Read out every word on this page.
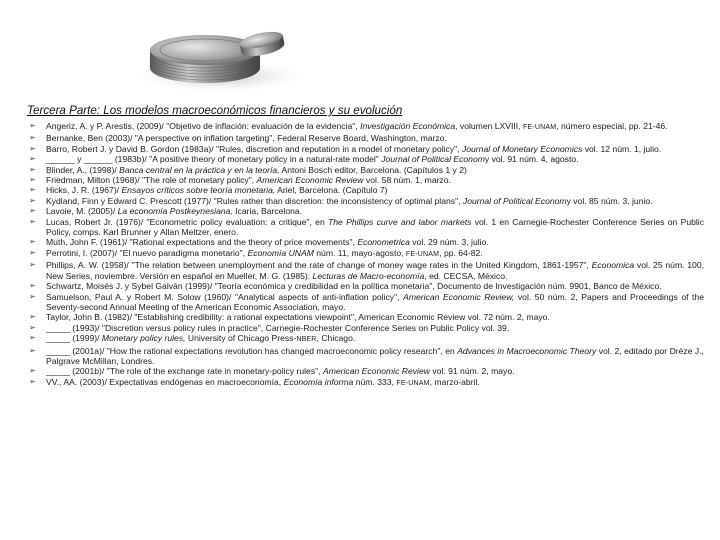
Tercera Parte: Los modelos macroeconómicos financieros y su evolución
➢	Angeriz, A. y P. Arestis, (2009)/ "Objetivo de inflación: evaluación de la evidencia", Investigación Económica, volumen LXVIII, FE-UNAM, número especial, pp. 21-46.
➢	Bernanke, Ben (2003)/ "A perspective on inflation targeting", Federal Reserve Board, Washington, marzo.
➢	Barro, Robert J. y David B. Gordon (1983a)/ "Rules, discretion and reputation in a model of monetary policy", Journal of Monetary Economics vol. 12 núm. 1, julio.
➢	______ y ______ (1983b)/ "A positive theory of monetary policy in a natural-rate model" Journal of Political Economy vol. 91 núm. 4, agosto.
➢	Blinder, A., (1998)/ Banca central en la práctica y en la teoría, Antoni Bosch editor, Barcelona. (Capítulos 1 y 2)
➢	Friedman, Milton (1968)/ "The role of monetary policy", American Economic Review vol. 58 núm. 1, marzo.
➢	Hicks, J. R. (1967)/ Ensayos críticos sobre teoría monetaria, Ariel, Barcelona. (Capítulo 7)
➢	Kydland, Finn y Edward C. Prescott (1977)/ "Rules rather than discretion: the inconsistency of optimal plans", Journal of Political Economy vol. 85 núm. 3, junio.
➢	Lavoie, M. (2005)/ La economía Postkeynesiana, Icaria, Barcelona.
➢	Lucas, Robert Jr. (1976)/ "Econometric policy evaluation: a critique", en The Phillips curve and labor markets vol. 1 en Carnegie-Rochester Conference Series on Public Policy, comps. Karl Brunner y Allan Meltzer, enero.
➢	Muth, John F. (1961)/ "Rational expectations and the theory of price movements", Econometrica vol. 29 núm. 3, julio.
➢	Perrotini, I. (2007)/ "El nuevo paradigma monetario", Economía UNAM núm. 11, mayo-agosto, FE-UNAM, pp. 64-82.
➢	Phillips, A. W. (1958)/ "The relation between unemployment and the rate of change of money wage rates in the United Kingdom, 1861-1957", Economica vol. 25 núm. 100, New Series, noviembre. Versión en español en Mueller, M. G. (1985): Lecturas de Macro-economía, ed. CECSA, México.
➢	Schwartz, Moisés J. y Sybel Galván (1999)/ "Teoría económica y credibilidad en la política monetaria", Documento de Investigación núm. 9901, Banco de México.
➢	Samuelson, Paul A. y Robert M. Solow (1960)/ "Analytical aspects of anti-inflation policy", American Economic Review, vol. 50 núm. 2, Papers and Proceedings of the Seventy-second Annual Meeting of the American Economic Association, mayo.
➢	Taylor, John B. (1982)/ "Establishing credibility: a rational expectations viewpoint", American Economic Review vol. 72 núm. 2, mayo.
➢	_____ (1993)/ "Discretion versus policy rules in practice", Carnegie-Rochester Conference Series on Public Policy vol. 39.
➢	_____ (1999)/ Monetary policy rules, University of Chicago Press-NBER, Chicago.
➢	_____ (2001a)/ "How the rational expectations revolution has changed macroeconomic policy research", en Advances in Macroeconomic Theory vol. 2, editado por Drèze J., Palgrave McMillan, Londres.
➢	_____ (2001b)/ "The role of the exchange rate in monetary-policy rules", American Economic Review vol. 91 núm. 2, mayo.
➢	VV., AA. (2003)/ Expectativas endógenas en macroeconomía, Economía informa núm. 333, FE-UNAM, marzo-abril.
